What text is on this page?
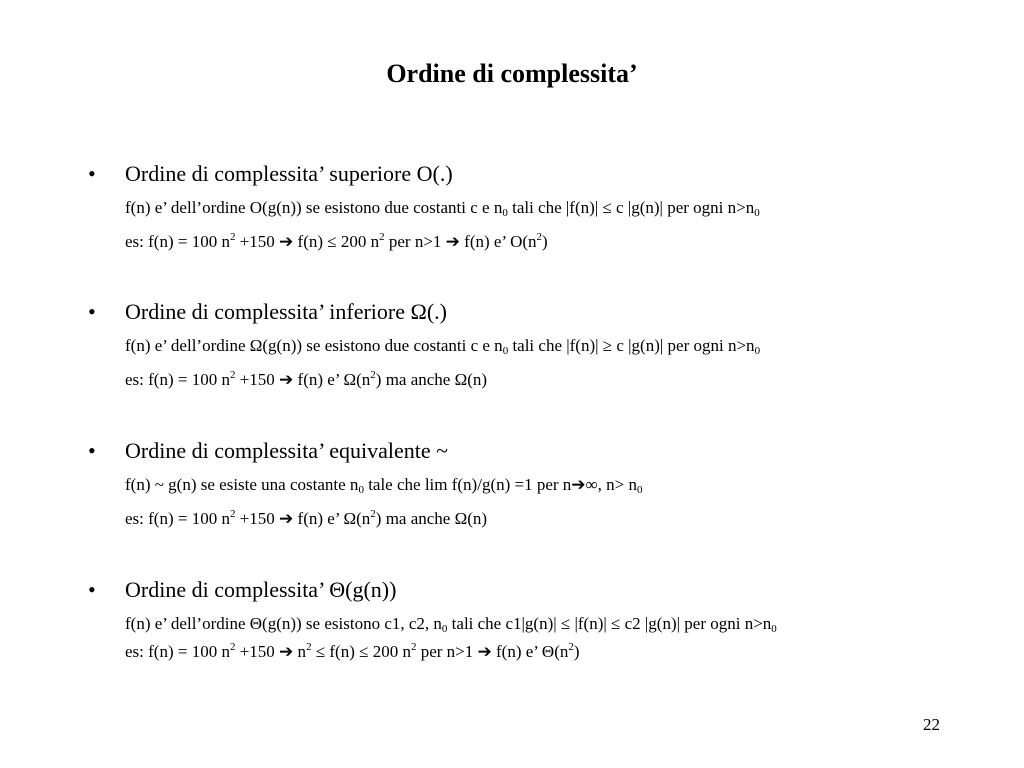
Ordine di complessita’
• Ordine di complessita’ superiore O(.)
f(n) e’ dell’ordine O(g(n)) se esistono due costanti c e $n_0$ tali che |f(n)| ≤ c |g(n)| per ogni $n>n_0$
es: f(n) = 100 $n^2 +150$ ➔ f(n) ≤ 200 $n^2$ per n>1 ➔ f(n) e’ $O(n^2)$
• Ordine di complessita’ inferiore Ω(.)
f(n) e’ dell’ordine Ω(g(n)) se esistono due costanti c e $n_0$ tali che |f(n)| ≥ c |g(n)| per ogni $n>n_0$
es: f(n) = 100 $n^2 +150$ ➔ f(n) e’ $\Omega(n^2)$ ma anche Ω(n)
• Ordine di complessita’ equivalente ~
f(n) ~ g(n) se esiste una costante $n_0$ tale che lim f(n)/g(n) =1 per n➔∞, $n> n_0$
es: f(n) = 100 $n^2 +150$ ➔ f(n) e’ $\Omega(n^2)$ ma anche Ω(n)
• Ordine di complessita’ Θ(g(n))
f(n) e’ dell’ordine Θ(g(n)) se esistono c1, c2, $n_0$ tali che c1|g(n)| ≤ |f(n)| ≤ c2 |g(n)| per ogni $n>n_0$
es: f(n) = 100 $n^2 +150$ ➔ $n^2 \le f(n) \le 200$ $n^2$ per n>1 ➔ f(n) e’ $\Theta(n^2)$
22
